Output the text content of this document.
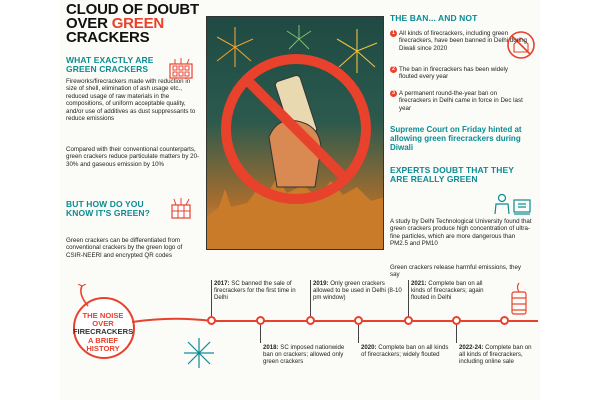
CLOUD OF DOUBT
OVER GREEN
CRACKERS
WHAT EXACTLY ARE GREEN CRACKERS
Fireworks/firecrackers made with reduction in size of shell, elimination of ash usage etc., reduced usage of raw materials in the compositions, of uniform acceptable quality, and/or use of additives as dust suppressants to reduce emissions
Compared with their conventional counterparts, green crackers reduce particulate matters by 20-30% and gaseous emission by 10%
BUT HOW DO YOU KNOW IT'S GREEN?
Green crackers can be differentiated from conventional crackers by the green logo of CSIR-NEERI and encrypted QR codes
THE BAN... AND NOT
1 All kinds of firecrackers, including green firecrackers, have been banned in Delhi during Diwali since 2020
2 The ban in firecrackers has been widely flouted every year
3 A permanent round-the-year ban on firecrackers in Delhi came in force in Dec last year
Supreme Court on Friday hinted at allowing green firecrackers during Diwali
EXPERTS DOUBT THAT THEY ARE REALLY GREEN
A study by Delhi Technological University found that green crackers produce high concentration of ultra-fine particles, which are more dangerous than PM2.5 and PM10
Green crackers release harmful emissions, they say
THE NOISE
OVER
FIRECRACKERS
A BRIEF
HISTORY
2017: SC banned the sale of firecrackers for the first time in Delhi
2018: SC imposed nationwide ban on crackers; allowed only green crackers
2019: Only green crackers allowed to be used in Delhi (8-10 pm window)
2020: Complete ban on all kinds of firecrackers; widely flouted
2021: Complete ban on all kinds of firecrackers; again flouted in Delhi
2022-24: Complete ban on all kinds of firecrackers, including online sale
